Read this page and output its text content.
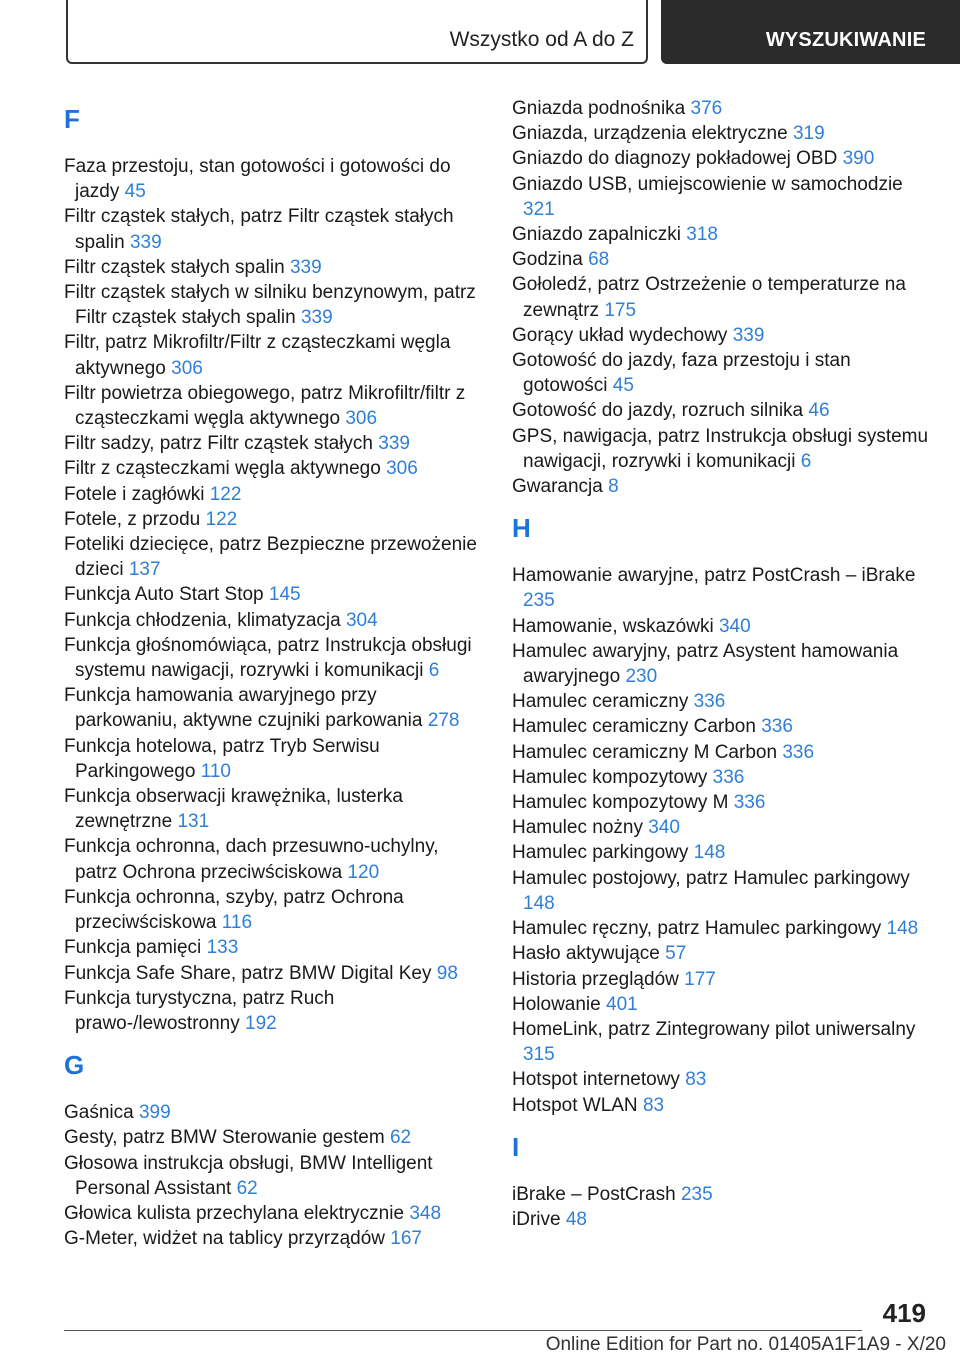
Wszystko od A do Z	WYSZUKIWANIE
F
Faza przestoju, stan gotowości i gotowości do jazdy 45
Filtr cząstek stałych, patrz Filtr cząstek stałych spalin 339
Filtr cząstek stałych spalin 339
Filtr cząstek stałych w silniku benzynowym, patrz Filtr cząstek stałych spalin 339
Filtr, patrz Mikrofiltr/Filtr z cząsteczkami węgla aktywnego 306
Filtr powietrza obiegowego, patrz Mikrofiltr/filtr z cząsteczkami węgla aktywnego 306
Filtr sadzy, patrz Filtr cząstek stałych 339
Filtr z cząsteczkami węgla aktywnego 306
Fotele i zagłówki 122
Fotele, z przodu 122
Foteliki dziecięce, patrz Bezpieczne przewożenie dzieci 137
Funkcja Auto Start Stop 145
Funkcja chłodzenia, klimatyzacja 304
Funkcja głośnomówiąca, patrz Instrukcja obsługi systemu nawigacji, rozrywki i komunikacji 6
Funkcja hamowania awaryjnego przy parkowaniu, aktywne czujniki parkowania 278
Funkcja hotelowa, patrz Tryb Serwisu Parkingowego 110
Funkcja obserwacji krawężnika, lusterka zewnętrzne 131
Funkcja ochronna, dach przesuwno-uchylny, patrz Ochrona przeciwściskowa 120
Funkcja ochronna, szyby, patrz Ochrona przeciwściskowa 116
Funkcja pamięci 133
Funkcja Safe Share, patrz BMW Digital Key 98
Funkcja turystyczna, patrz Ruch prawo-/lewostronny 192
G
Gaśnica 399
Gesty, patrz BMW Sterowanie gestem 62
Głosowa instrukcja obsługi, BMW Intelligent Personal Assistant 62
Głowica kulista przechylana elektrycznie 348
G-Meter, widżet na tablicy przyrządów 167
Gniazda podnośnika 376
Gniazda, urządzenia elektryczne 319
Gniazdo do diagnozy pokładowej OBD 390
Gniazdo USB, umiejscowienie w samochodzie 321
Gniazdo zapalniczki 318
Godzina 68
Gołoledź, patrz Ostrzeżenie o temperaturze na zewnątrz 175
Gorący układ wydechowy 339
Gotowość do jazdy, faza przestoju i stan gotowości 45
Gotowość do jazdy, rozruch silnika 46
GPS, nawigacja, patrz Instrukcja obsługi systemu nawigacji, rozrywki i komunikacji 6
Gwarancja 8
H
Hamowanie awaryjne, patrz PostCrash – iBrake 235
Hamowanie, wskazówki 340
Hamulec awaryjny, patrz Asystent hamowania awaryjnego 230
Hamulec ceramiczny 336
Hamulec ceramiczny Carbon 336
Hamulec ceramiczny M Carbon 336
Hamulec kompozytowy 336
Hamulec kompozytowy M 336
Hamulec nożny 340
Hamulec parkingowy 148
Hamulec postojowy, patrz Hamulec parkingowy 148
Hamulec ręczny, patrz Hamulec parkingowy 148
Hasło aktywujące 57
Historia przeglądów 177
Holowanie 401
HomeLink, patrz Zintegrowany pilot uniwersalny 315
Hotspot internetowy 83
Hotspot WLAN 83
I
iBrake – PostCrash 235
iDrive 48
419
Online Edition for Part no. 01405A1F1A9 - X/20
